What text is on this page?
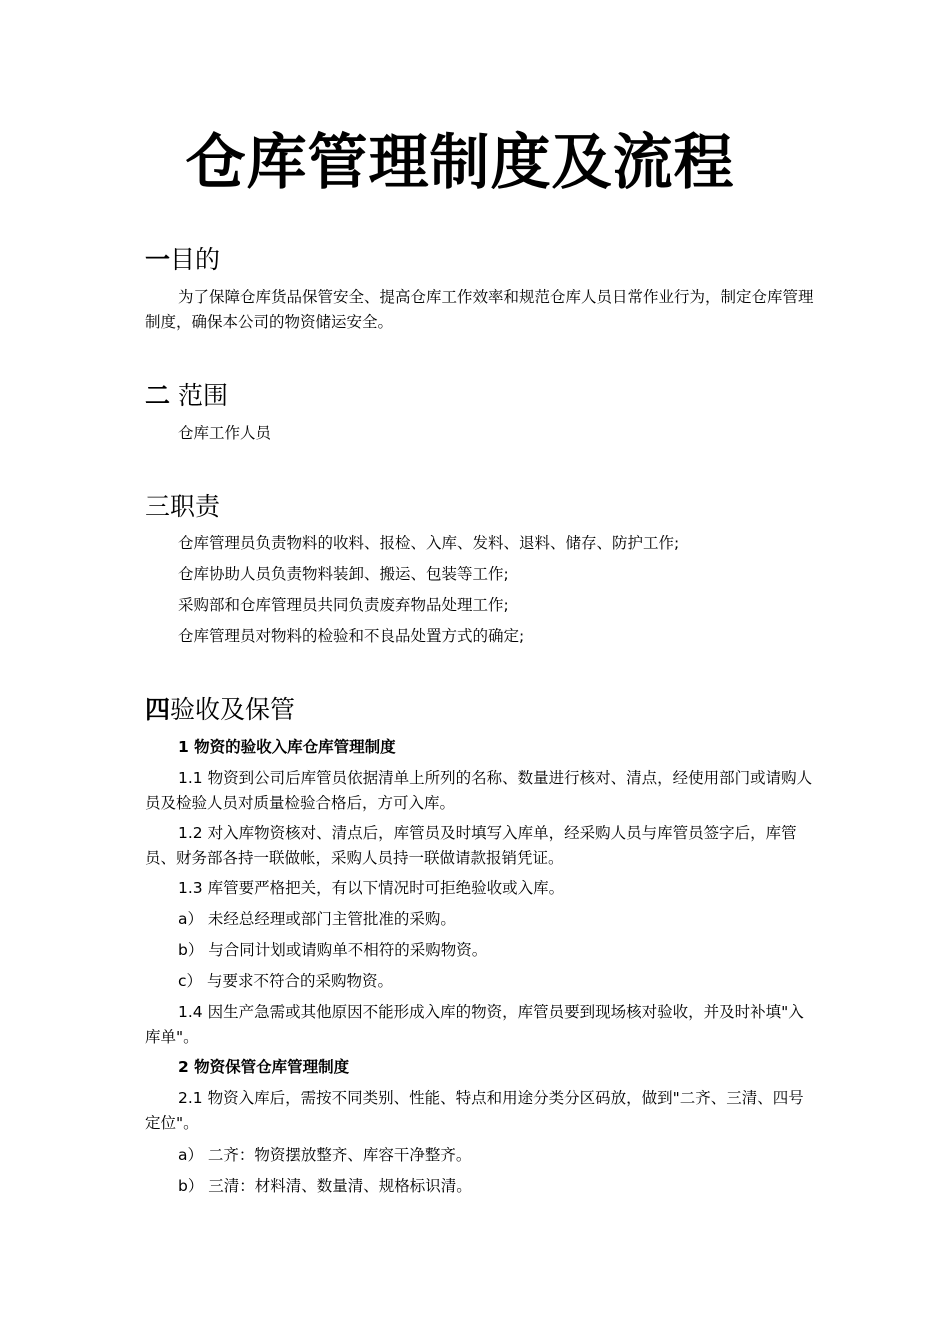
仓库管理制度及流程
一目的
为了保障仓库货品保管安全、提高仓库工作效率和规范仓库人员日常作业行为，制定仓库管理制度，确保本公司的物资储运安全。
二 范围
仓库工作人员
三职责
仓库管理员负责物料的收料、报检、入库、发料、退料、储存、防护工作;
仓库协助人员负责物料装卸、搬运、包装等工作;
采购部和仓库管理员共同负责废弃物品处理工作;
仓库管理员对物料的检验和不良品处置方式的确定;
四验收及保管
1 物资的验收入库仓库管理制度
1.1 物资到公司后库管员依据清单上所列的名称、数量进行核对、清点，经使用部门或请购人员及检验人员对质量检验合格后，方可入库。
1.2 对入库物资核对、清点后，库管员及时填写入库单，经采购人员与库管员签字后，库管员、财务部各持一联做帐，采购人员持一联做请款报销凭证。
1.3 库管要严格把关，有以下情况时可拒绝验收或入库。
a） 未经总经理或部门主管批准的采购。
b） 与合同计划或请购单不相符的采购物资。
c） 与要求不符合的采购物资。
1.4 因生产急需或其他原因不能形成入库的物资，库管员要到现场核对验收，并及时补填"入库单"。
2 物资保管仓库管理制度
2.1 物资入库后，需按不同类别、性能、特点和用途分类分区码放，做到"二齐、三清、四号定位"。
a） 二齐：物资摆放整齐、库容干净整齐。
b） 三清：材料清、数量清、规格标识清。
